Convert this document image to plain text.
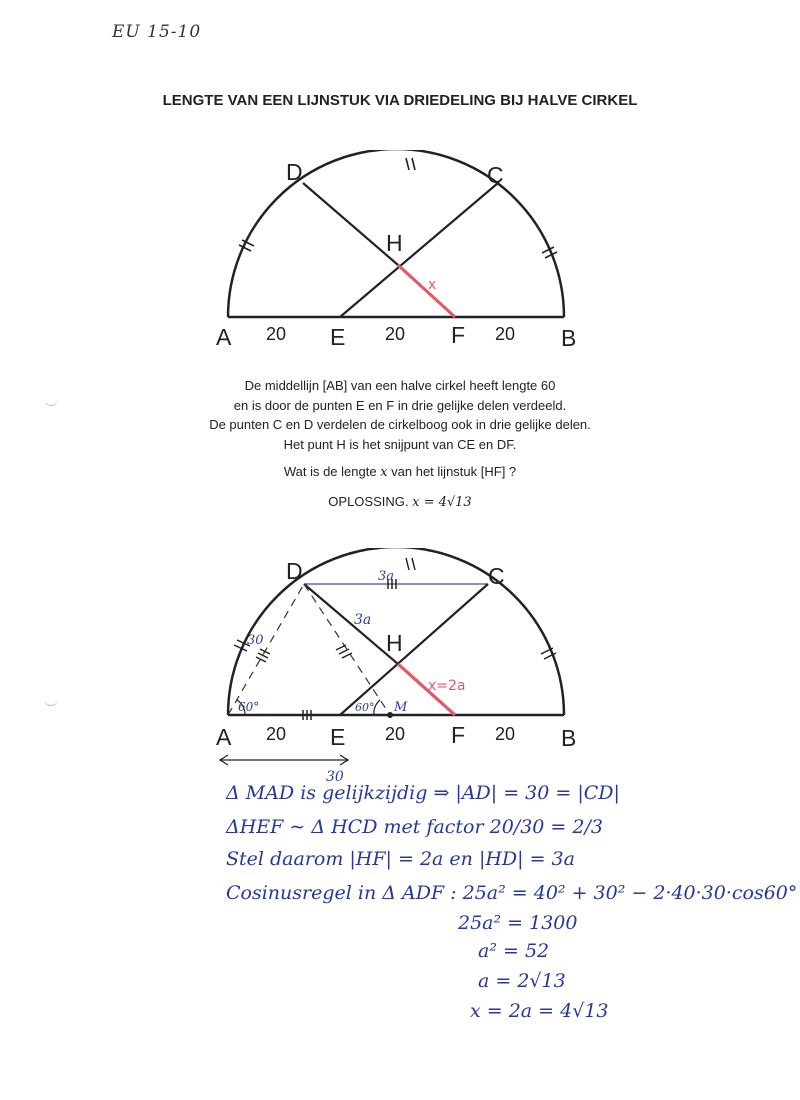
EU 15-10
LENGTE VAN EEN LIJNSTUK VIA DRIEDELING BIJ HALVE CIRKEL
D	C
H
A	E	F	B
20	20	20
x
De middellijn [AB] van een halve cirkel heeft lengte 60
en is door de punten E en F in drie gelijke delen verdeeld.
De punten C en D verdelen de cirkelboog ook in drie gelijke delen.
Het punt H is het snijpunt van CE en DF.
Wat is de lengte x van het lijnstuk [HF] ?
OPLOSSING. x = 4√13
D	C
H
A	E	F	B
20	20	20
3a
3a
30
60°	60° M
x=2a
30
Δ MAD is gelijkzijdig ⇒ |AD| = 30 = |CD|
ΔHEF ∼ Δ HCD met factor 20/30 = 2/3
Stel daarom |HF| = 2a en |HD| = 3a
Cosinusregel in Δ ADF : 25a² = 40² + 30² − 2·40·30·cos60°
25a² = 1300
a² = 52
a = 2√13
x = 2a = 4√13
